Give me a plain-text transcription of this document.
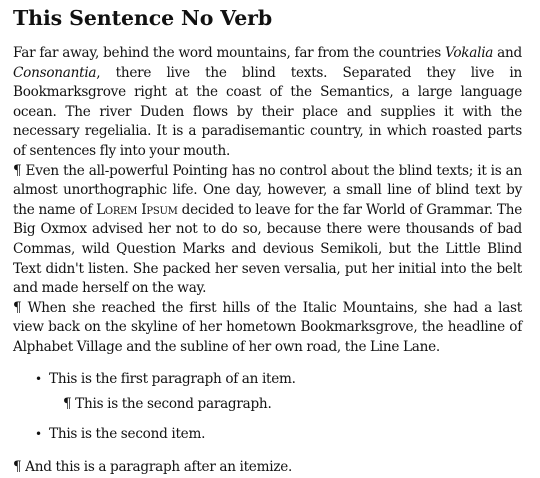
This Sentence No Verb

Far far away, behind the word mountains, far from the countries Vokalia and Consonantia, there live the blind texts. Separated they live in Bookmarksgrove right at the coast of the Semantics, a large language ocean. The river Duden flows by their place and supplies it with the necessary regelialia. It is a paradisemantic country, in which roasted parts of sentences fly into your mouth.

¶ Even the all-powerful Pointing has no control about the blind texts; it is an almost unorthographic life. One day, however, a small line of blind text by the name of Lorem Ipsum decided to leave for the far World of Grammar. The Big Oxmox advised her not to do so, because there were thousands of bad Commas, wild Question Marks and devious Semikoli, but the Little Blind Text didn't listen. She packed her seven versalia, put her initial into the belt and made herself on the way.

¶ When she reached the first hills of the Italic Mountains, she had a last view back on the skyline of her hometown Bookmarksgrove, the headline of Alphabet Village and the subline of her own road, the Line Lane.

• This is the first paragraph of an item.
¶ This is the second paragraph.
• This is the second item.

¶ And this is a paragraph after an itemize.
